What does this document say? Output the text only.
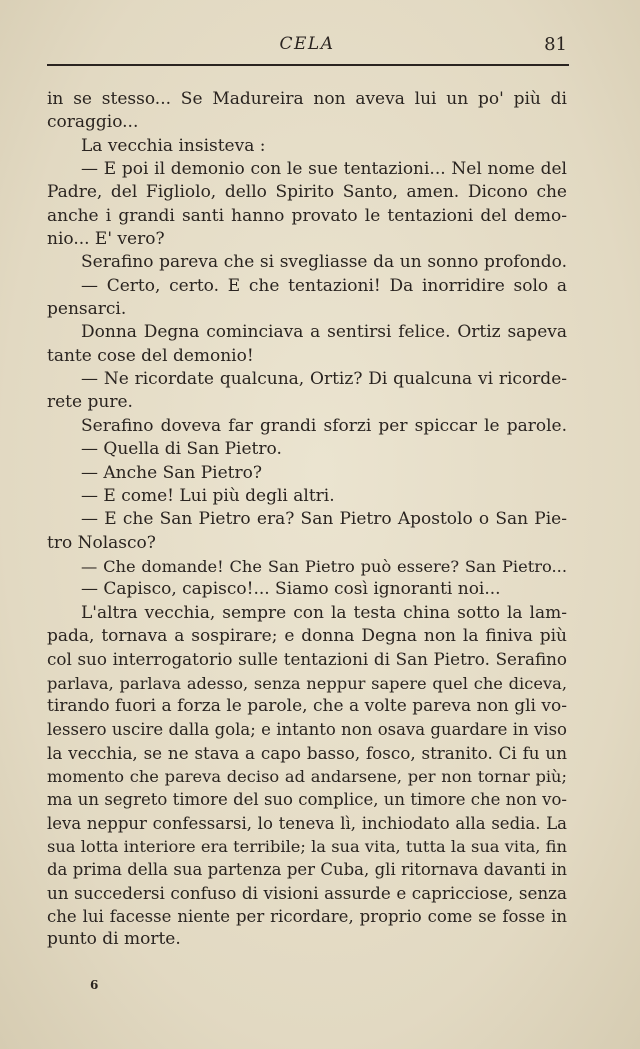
CELA	81
in se stesso... Se Madureira non aveva lui un po' più di
coraggio...
La vecchia insisteva :
— E poi il demonio con le sue tentazioni... Nel nome del
Padre, del Figliolo, dello Spirito Santo, amen. Dicono che
anche i grandi santi hanno provato le tentazioni del demo-
nio... E' vero?
Serafino pareva che si svegliasse da un sonno profondo.
— Certo, certo. E che tentazioni! Da inorridire solo a
pensarci.
Donna Degna cominciava a sentirsi felice. Ortiz sapeva
tante cose del demonio!
— Ne ricordate qualcuna, Ortiz? Di qualcuna vi ricorde-
rete pure.
Serafino doveva far grandi sforzi per spiccar le parole.
— Quella di San Pietro.
— Anche San Pietro?
— E come! Lui più degli altri.
— E che San Pietro era? San Pietro Apostolo o San Pie-
tro Nolasco?
— Che domande! Che San Pietro può essere? San Pietro...
— Capisco, capisco!... Siamo così ignoranti noi...
L'altra vecchia, sempre con la testa china sotto la lam-
pada, tornava a sospirare; e donna Degna non la finiva più
col suo interrogatorio sulle tentazioni di San Pietro. Serafino
parlava, parlava adesso, senza neppur sapere quel che diceva,
tirando fuori a forza le parole, che a volte pareva non gli vo-
lessero uscire dalla gola; e intanto non osava guardare in viso
la vecchia, se ne stava a capo basso, fosco, stranito. Ci fu un
momento che pareva deciso ad andarsene, per non tornar più;
ma un segreto timore del suo complice, un timore che non vo-
leva neppur confessarsi, lo teneva lì, inchiodato alla sedia. La
sua lotta interiore era terribile; la sua vita, tutta la sua vita, fin
da prima della sua partenza per Cuba, gli ritornava davanti in
un succedersi confuso di visioni assurde e capricciose, senza
che lui facesse niente per ricordare, proprio come se fosse in
punto di morte.
6
